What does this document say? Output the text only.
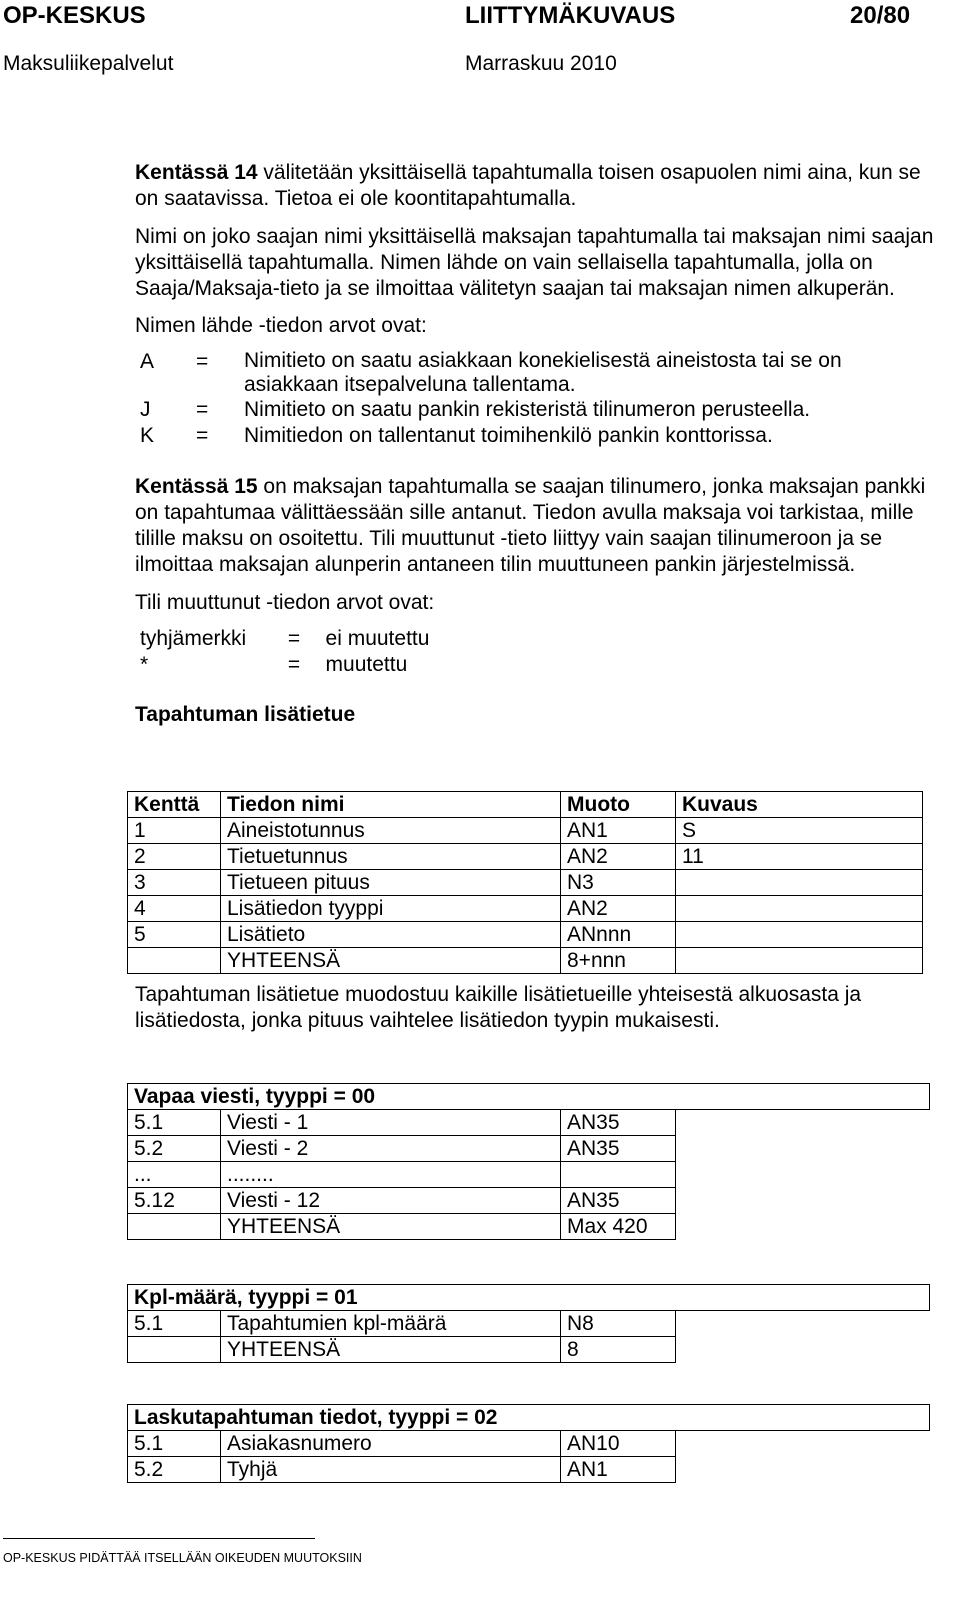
OP-KESKUS	LIITTYMÄKUVAUS	20/80
Maksuliikepalvelut	Marraskuu 2010

Kentässä 14 välitetään yksittäisellä tapahtumalla toisen osapuolen nimi aina, kun se on saatavissa. Tietoa ei ole koontitapahtumalla.

Nimi on joko saajan nimi yksittäisellä maksajan tapahtumalla tai maksajan nimi saajan yksittäisellä tapahtumalla. Nimen lähde on vain sellaisella tapahtumalla, jolla on Saaja/Maksaja-tieto ja se ilmoittaa välitetyn saajan tai maksajan nimen alkuperän.

Nimen lähde -tiedon arvot ovat:

A	=	Nimitieto on saatu asiakkaan konekielisestä aineistosta tai se on asiakkaan itsepalveluna tallentama.
J	=	Nimitieto on saatu pankin rekisteristä tilinumeron perusteella.
K	=	Nimitiedon on tallentanut toimihenkilö pankin konttorissa.

Kentässä 15 on maksajan tapahtumalla se saajan tilinumero, jonka maksajan pankki on tapahtumaa välittäessään sille antanut. Tiedon avulla maksaja voi tarkistaa, mille tilille maksu on osoitettu. Tili muuttunut -tieto liittyy vain saajan tilinumeroon ja se ilmoittaa maksajan alunperin antaneen tilin muuttuneen pankin järjestelmissä.

Tili muuttunut -tiedon arvot ovat:

tyhjämerkki	=	ei muutettu
*	=	muutettu

Tapahtuman lisätietue

Kenttä	Tiedon nimi	Muoto	Kuvaus
1	Aineistotunnus	AN1	S
2	Tietuetunnus	AN2	11
3	Tietueen pituus	N3	
4	Lisätiedon tyyppi	AN2	
5	Lisätieto	ANnnn	
	YHTEENSÄ	8+nnn	

Tapahtuman lisätietue muodostuu kaikille lisätietueille yhteisestä alkuosasta ja lisätiedosta, jonka pituus vaihtelee lisätiedon tyypin mukaisesti.

Vapaa viesti, tyyppi = 00			
5.1	Viesti - 1	AN35	
5.2	Viesti - 2	AN35	
...	........		
5.12	Viesti - 12	AN35	
	YHTEENSÄ	Max 420	
Kpl-määrä, tyyppi = 01			
5.1	Tapahtumien kpl-määrä	N8	
	YHTEENSÄ	8	
Laskutapahtuman tiedot, tyyppi = 02			
5.1	Asiakasnumero	AN10	
5.2	Tyhjä	AN1	
OP-KESKUS PIDÄTTÄÄ ITSELLÄÄN OIKEUDEN MUUTOKSIIN
